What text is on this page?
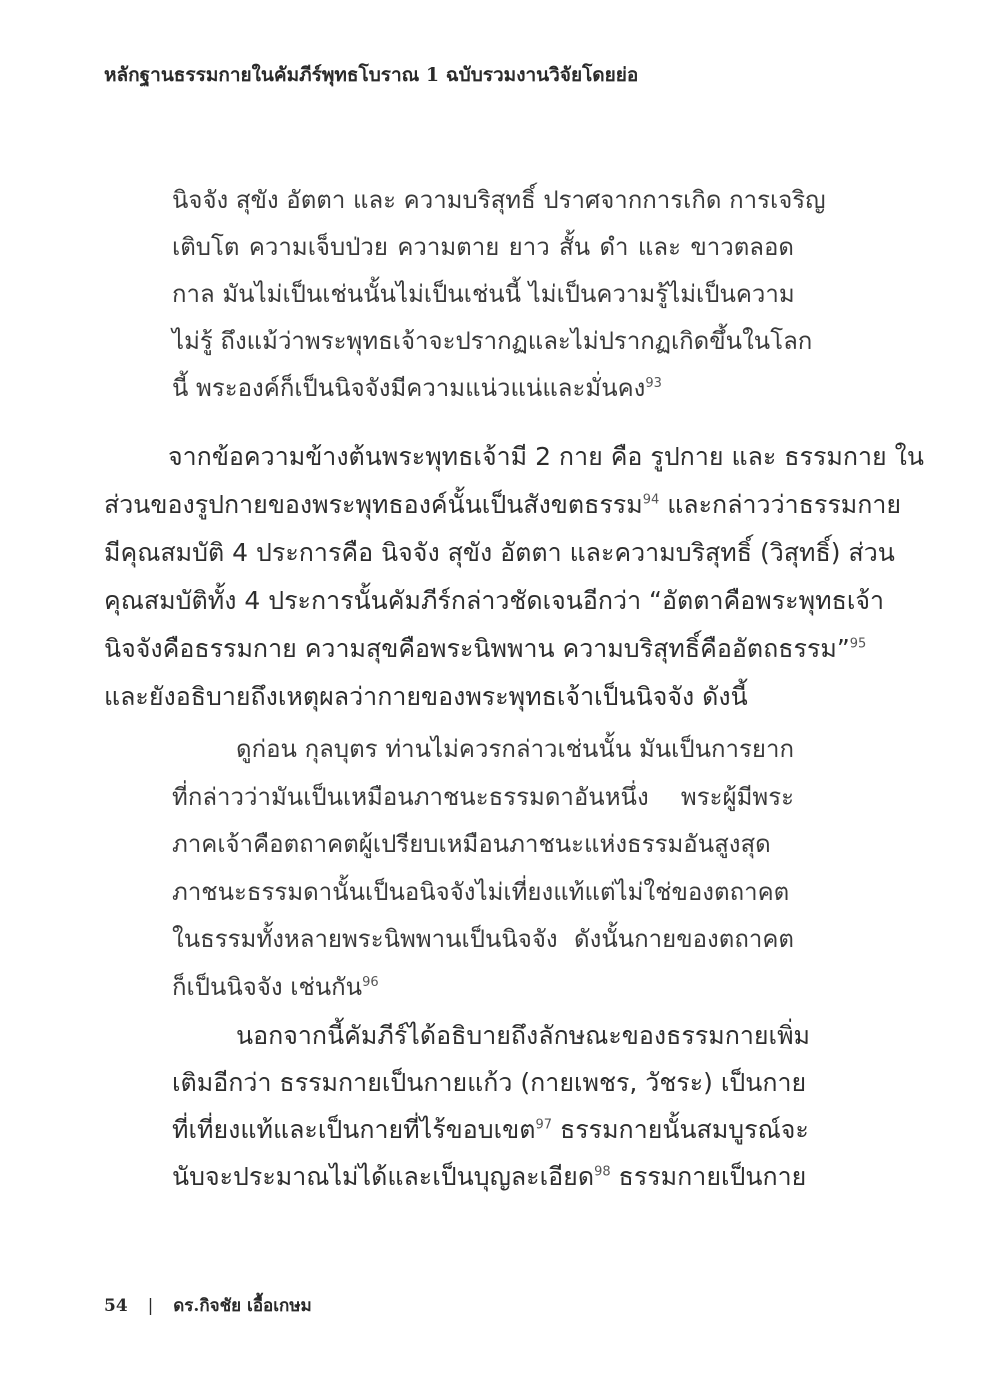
หลักฐานธรรมกายในคัมภีร์พุทธโบราณ 1 ฉบับรวมงานวิจัยโดยย่อ
นิจจัง สุขัง อัตตา และ ความบริสุทธิ์ ปราศจากการเกิด การเจริญ
เติบโต ความเจ็บป่วย ความตาย ยาว สั้น ดำ และ ขาวตลอด
กาล มันไม่เป็นเช่นนั้นไม่เป็นเช่นนี้ ไม่เป็นความรู้ไม่เป็นความ
ไม่รู้ ถึงแม้ว่าพระพุทธเจ้าจะปรากฏและไม่ปรากฏเกิดขึ้นในโลก
นี้ พระองค์ก็เป็นนิจจังมีความแน่วแน่และมั่นคง$^{93}$
จากข้อความข้างต้นพระพุทธเจ้ามี 2 กาย คือ รูปกาย และ ธรรมกาย ใน
ส่วนของรูปกายของพระพุทธองค์นั้นเป็นสังขตธรรม$^{94}$ และกล่าวว่าธรรมกาย
มีคุณสมบัติ 4 ประการคือ นิจจัง สุขัง อัตตา และความบริสุทธิ์ (วิสุทธิ์) ส่วน
คุณสมบัติทั้ง 4 ประการนั้นคัมภีร์กล่าวชัดเจนอีกว่า “อัตตาคือพระพุทธเจ้า
นิจจังคือธรรมกาย ความสุขคือพระนิพพาน ความบริสุทธิ์คืออัตถธรรม”$^{95}$
และยังอธิบายถึงเหตุผลว่ากายของพระพุทธเจ้าเป็นนิจจัง ดังนี้
ดูก่อน กุลบุตร ท่านไม่ควรกล่าวเช่นนั้น มันเป็นการยาก
ที่กล่าวว่ามันเป็นเหมือนภาชนะธรรมดาอันหนึ่ง พระผู้มีพระ
ภาคเจ้าคือตถาคตผู้เปรียบเหมือนภาชนะแห่งธรรมอันสูงสุด
ภาชนะธรรมดานั้นเป็นอนิจจังไม่เที่ยงแท้แต่ไม่ใช่ของตถาคต
ในธรรมทั้งหลายพระนิพพานเป็นนิจจัง ดังนั้นกายของตถาคต
ก็เป็นนิจจัง เช่นกัน$^{96}$
นอกจากนี้คัมภีร์ได้อธิบายถึงลักษณะของธรรมกายเพิ่ม
เติมอีกว่า ธรรมกายเป็นกายแก้ว (กายเพชร, วัชระ) เป็นกาย
ที่เที่ยงแท้และเป็นกายที่ไร้ขอบเขต$^{97}$ ธรรมกายนั้นสมบูรณ์จะ
นับจะประมาณไม่ได้และเป็นบุญละเอียด$^{98}$ ธรรมกายเป็นกาย
54 | ดร.กิจชัย เอื้อเกษม
